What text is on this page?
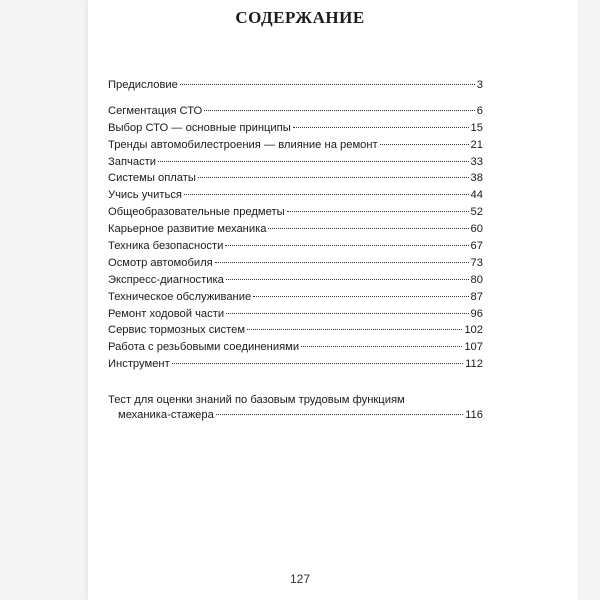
СОДЕРЖАНИЕ
Предисловие	3
Сегментация СТО	6
Выбор СТО — основные принципы	15
Тренды автомобилестроения — влияние на ремонт	21
Запчасти	33
Системы оплаты	38
Учись учиться	44
Общеобразовательные предметы	52
Карьерное развитие механика	60
Техника безопасности	67
Осмотр автомобиля	73
Экспресс-диагностика	80
Техническое обслуживание	87
Ремонт ходовой части	96
Сервис тормозных систем	102
Работа с резьбовыми соединениями	107
Инструмент	112
Тест для оценки знаний по базовым трудовым функциям
механика-стажера	116
127
